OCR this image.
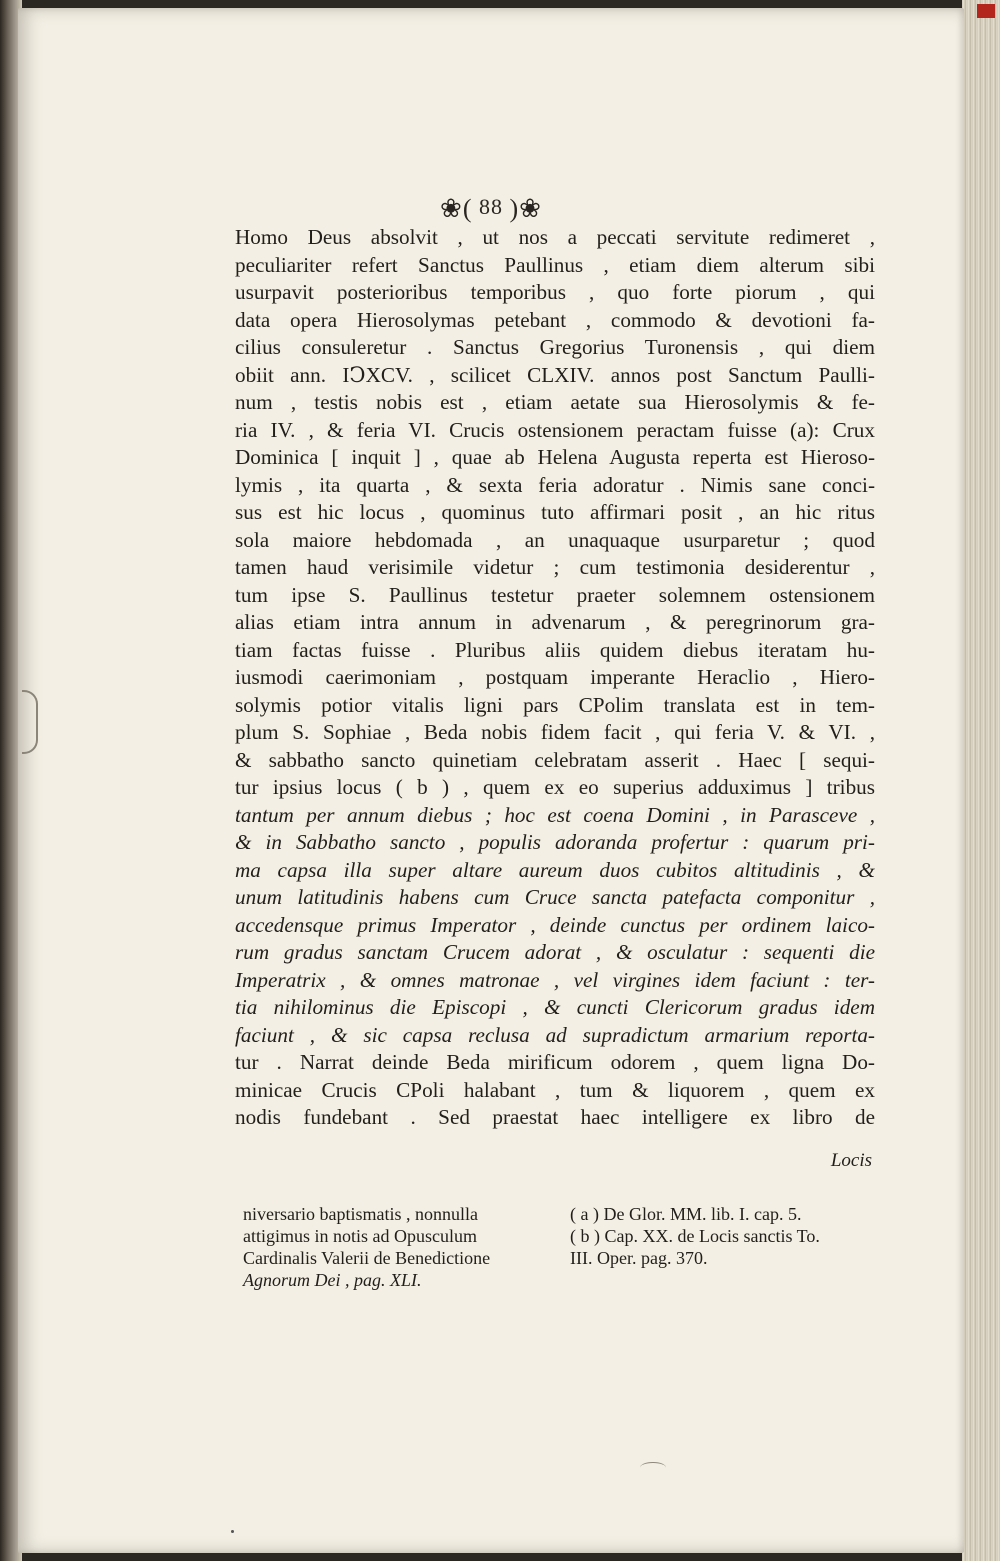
❀( 88 )❀
Homo Deus absolvit , ut nos a peccati servitute redimeret ,
peculiariter refert Sanctus Paullinus , etiam diem alterum sibi
usurpavit posterioribus temporibus , quo forte piorum , qui
data opera Hierosolymas petebant , commodo & devotioni fa-
cilius consuleretur . Sanctus Gregorius Turonensis , qui diem
obiit ann. IↃXCV. , scilicet CLXIV. annos post Sanctum Paulli-
num , testis nobis est , etiam aetate sua Hierosolymis & fe-
ria IV. , & feria VI. Crucis ostensionem peractam fuisse (a): Crux
Dominica [ inquit ] , quae ab Helena Augusta reperta est Hieroso-
lymis , ita quarta , & sexta feria adoratur . Nimis sane conci-
sus est hic locus , quominus tuto affirmari posit , an hic ritus
sola maiore hebdomada , an unaquaque usurparetur ; quod
tamen haud verisimile videtur ; cum testimonia desiderentur ,
tum ipse S. Paullinus testetur praeter solemnem ostensionem
alias etiam intra annum in advenarum , & peregrinorum gra-
tiam factas fuisse . Pluribus aliis quidem diebus iteratam hu-
iusmodi caerimoniam , postquam imperante Heraclio , Hiero-
solymis potior vitalis ligni pars CPolim translata est in tem-
plum S. Sophiae , Beda nobis fidem facit , qui feria V. & VI. ,
& sabbatho sancto quinetiam celebratam asserit . Haec [ sequi-
tur ipsius locus ( b ) , quem ex eo superius adduximus ] tribus
tantum per annum diebus ; hoc est coena Domini , in Parasceve ,
& in Sabbatho sancto , populis adoranda profertur : quarum pri-
ma capsa illa super altare aureum duos cubitos altitudinis , &
unum latitudinis habens cum Cruce sancta patefacta componitur ,
accedensque primus Imperator , deinde cunctus per ordinem laico-
rum gradus sanctam Crucem adorat , & osculatur : sequenti die
Imperatrix , & omnes matronae , vel virgines idem faciunt : ter-
tia nihilominus die Episcopi , & cuncti Clericorum gradus idem
faciunt , & sic capsa reclusa ad supradictum armarium reporta-
tur . Narrat deinde Beda mirificum odorem , quem ligna Do-
minicae Crucis CPoli halabant , tum & liquorem , quem ex
nodis fundebant . Sed praestat haec intelligere ex libro de
Locis
niversario baptismatis , nonnulla
attigimus in notis ad Opusculum
Cardinalis Valerii de Benedictione
Agnorum Dei , pag. XLI.
( a ) De Glor. MM. lib. I. cap. 5.
( b ) Cap. XX. de Locis sanctis To.
III. Oper. pag. 370.
